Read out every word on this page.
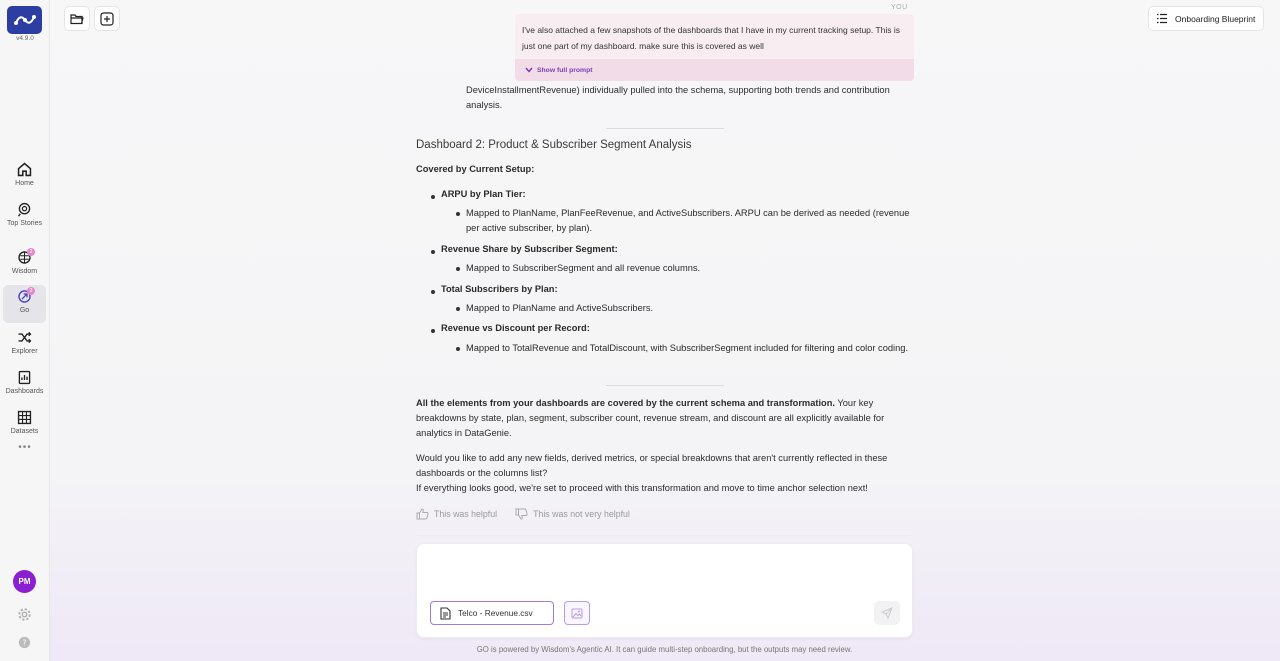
v4.9.0
Home
Top Stories
2
Wisdom
2
Go
Explorer
Dashboards
Datasets
•••
PM
?
Onboarding Blueprint
YOU
I've also attached a few snapshots of the dashboards that I have in my current tracking setup. This is just one part of my dashboard. make sure this is covered as well
Show full prompt
DeviceInstallmentRevenue) individually pulled into the schema, supporting both trends and contribution analysis.
Dashboard 2: Product & Subscriber Segment Analysis
Covered by Current Setup:
ARPU by Plan Tier:
Mapped to PlanName, PlanFeeRevenue, and ActiveSubscribers. ARPU can be derived as needed (revenue per active subscriber, by plan).
Revenue Share by Subscriber Segment:
Mapped to SubscriberSegment and all revenue columns.
Total Subscribers by Plan:
Mapped to PlanName and ActiveSubscribers.
Revenue vs Discount per Record:
Mapped to TotalRevenue and TotalDiscount, with SubscriberSegment included for filtering and color coding.
All the elements from your dashboards are covered by the current schema and transformation. Your key breakdowns by state, plan, segment, subscriber count, revenue stream, and discount are all explicitly available for analytics in DataGenie.
Would you like to add any new fields, derived metrics, or special breakdowns that aren't currently reflected in these dashboards or the columns list?
If everything looks good, we're set to proceed with this transformation and move to time anchor selection next!
This was helpful	This was not very helpful
Telco - Revenue.csv
GO is powered by Wisdom's Agentic AI. It can guide multi-step onboarding, but the outputs may need review.
